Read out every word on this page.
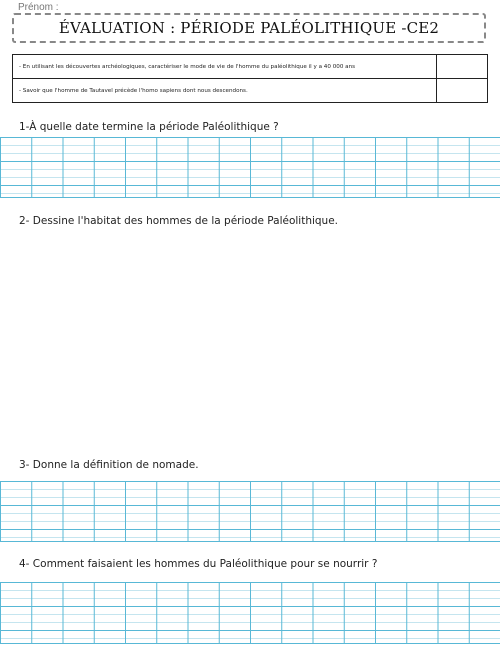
Prénom :
ÉVALUATION : PÉRIODE PALÉOLITHIQUE -CE2
- En utilisant les découvertes archéologiques, caractériser le mode de vie de l'homme du paléolithique il y a 40 000 ans	
- Savoir que l'homme de Tautavel précède l'homo sapiens dont nous descendons.	
1-À quelle date termine la période Paléolithique ?
2- Dessine l'habitat des hommes de la période Paléolithique.
3- Donne la définition de nomade.
4- Comment faisaient les hommes du Paléolithique pour se nourrir ?
